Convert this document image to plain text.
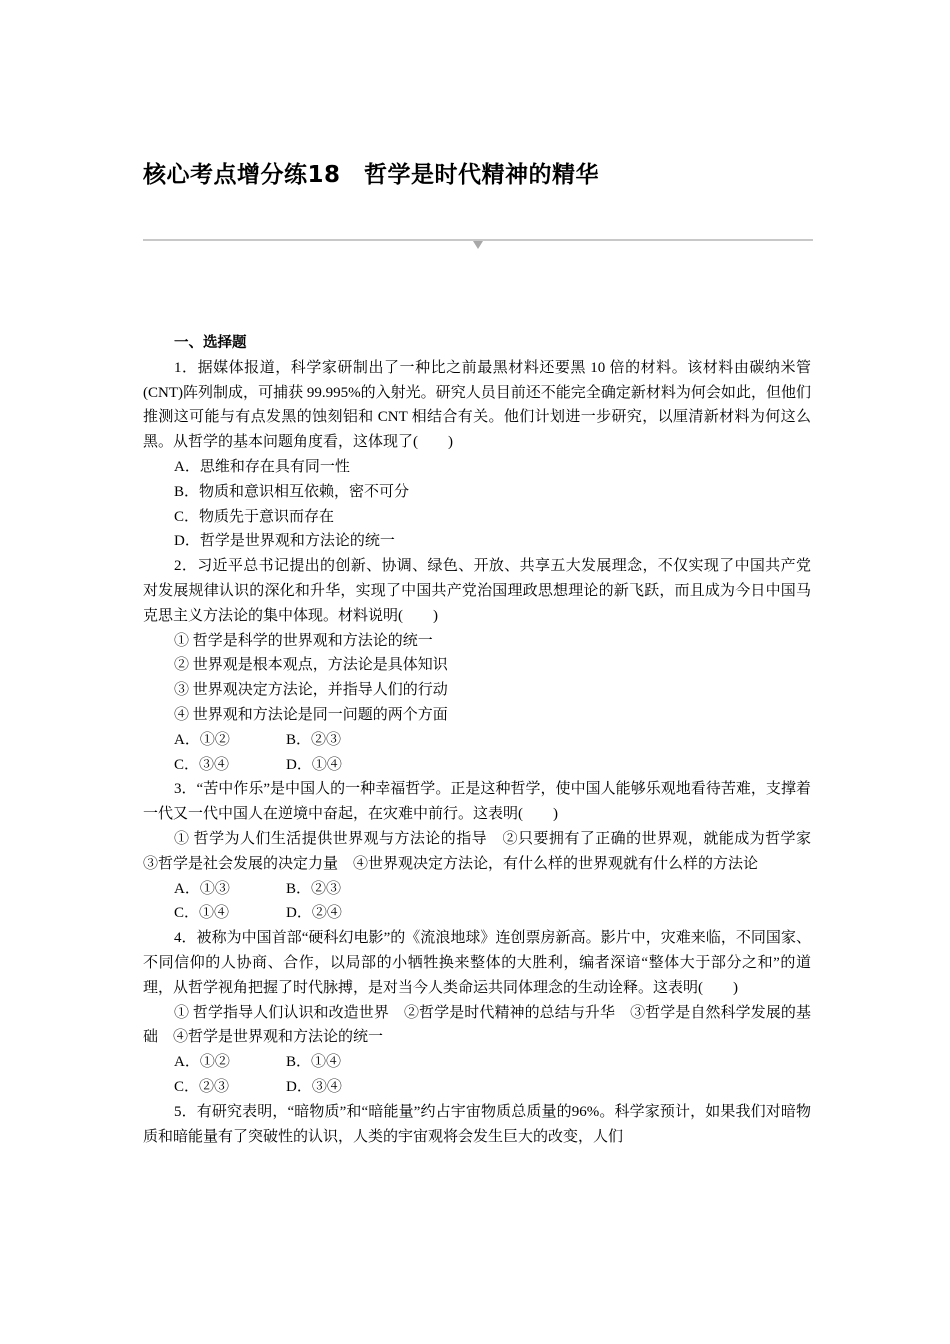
核心考点增分练18　哲学是时代精神的精华

一、选择题

1．据媒体报道，科学家研制出了一种比之前最黑材料还要黑 10 倍的材料。该材料由碳纳米管(CNT)阵列制成，可捕获 99.995%的入射光。研究人员目前还不能完全确定新材料为何会如此，但他们推测这可能与有点发黑的蚀刻铝和 CNT 相结合有关。他们计划进一步研究，以厘清新材料为何这么黑。从哲学的基本问题角度看，这体现了(　　)

A．思维和存在具有同一性

B．物质和意识相互依赖，密不可分

C．物质先于意识而存在

D．哲学是世界观和方法论的统一

2．习近平总书记提出的创新、协调、绿色、开放、共享五大发展理念，不仅实现了中国共产党对发展规律认识的深化和升华，实现了中国共产党治国理政思想理论的新飞跃，而且成为今日中国马克思主义方法论的集中体现。材料说明(　　)

① 哲学是科学的世界观和方法论的统一

② 世界观是根本观点，方法论是具体知识

③ 世界观决定方法论，并指导人们的行动

④ 世界观和方法论是同一问题的两个方面

A．①②	B．②③

C．③④	D．①④

3．“苦中作乐”是中国人的一种幸福哲学。正是这种哲学，使中国人能够乐观地看待苦难，支撑着一代又一代中国人在逆境中奋起，在灾难中前行。这表明(　　)

① 哲学为人们生活提供世界观与方法论的指导　②只要拥有了正确的世界观，就能成为哲学家　③哲学是社会发展的决定力量　④世界观决定方法论，有什么样的世界观就有什么样的方法论

A．①③	B．②③

C．①④	D．②④

4．被称为中国首部“硬科幻电影”的《流浪地球》连创票房新高。影片中，灾难来临，不同国家、不同信仰的人协商、合作，以局部的小牺牲换来整体的大胜利，编者深谙“整体大于部分之和”的道理，从哲学视角把握了时代脉搏，是对当今人类命运共同体理念的生动诠释。这表明(　　)

① 哲学指导人们认识和改造世界　②哲学是时代精神的总结与升华　③哲学是自然科学发展的基础　④哲学是世界观和方法论的统一

A．①②	B．①④

C．②③	D．③④

5．有研究表明，“暗物质”和“暗能量”约占宇宙物质总质量的96%。科学家预计，如果我们对暗物质和暗能量有了突破性的认识，人类的宇宙观将会发生巨大的改变，人们
